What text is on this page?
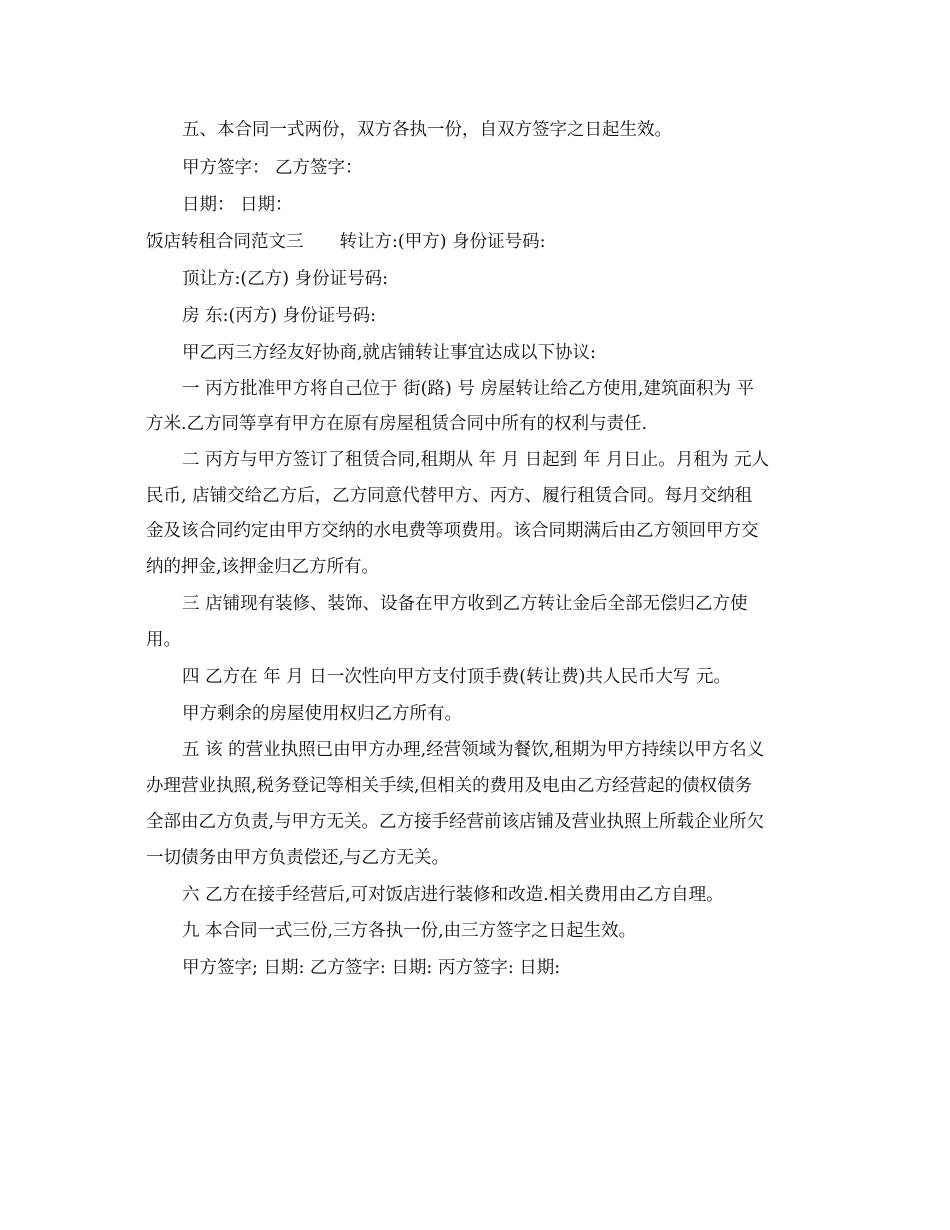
五、本合同一式两份，双方各执一份，自双方签字之日起生效。
甲方签字： 乙方签字：
日期： 日期：
饭店转租合同范文三 转让方:(甲方) 身份证号码:
顶让方:(乙方) 身份证号码:
房 东:(丙方) 身份证号码:
甲乙丙三方经友好协商,就店铺转让事宜达成以下协议:
一 丙方批准甲方将自己位于 街(路) 号 房屋转让给乙方使用,建筑面积为 平
方米.乙方同等享有甲方在原有房屋租赁合同中所有的权利与责任.
二 丙方与甲方签订了租赁合同,租期从 年 月 日起到 年 月日止。月租为 元人
民币, 店铺交给乙方后，乙方同意代替甲方、丙方、履行租赁合同。每月交纳租
金及该合同约定由甲方交纳的水电费等项费用。该合同期满后由乙方领回甲方交
纳的押金,该押金归乙方所有。
三 店铺现有装修、装饰、设备在甲方收到乙方转让金后全部无偿归乙方使
用。
四 乙方在 年 月 日一次性向甲方支付顶手费(转让费)共人民币大写 元。
甲方剩余的房屋使用权归乙方所有。
五 该 的营业执照已由甲方办理,经营领域为餐饮,租期为甲方持续以甲方名义
办理营业执照,税务登记等相关手续,但相关的费用及电由乙方经营起的债权债务
全部由乙方负责,与甲方无关。乙方接手经营前该店铺及营业执照上所载企业所欠
一切债务由甲方负责偿还,与乙方无关。
六 乙方在接手经营后,可对饭店进行装修和改造.相关费用由乙方自理。
九 本合同一式三份,三方各执一份,由三方签字之日起生效。
甲方签字; 日期: 乙方签字: 日期: 丙方签字: 日期:
